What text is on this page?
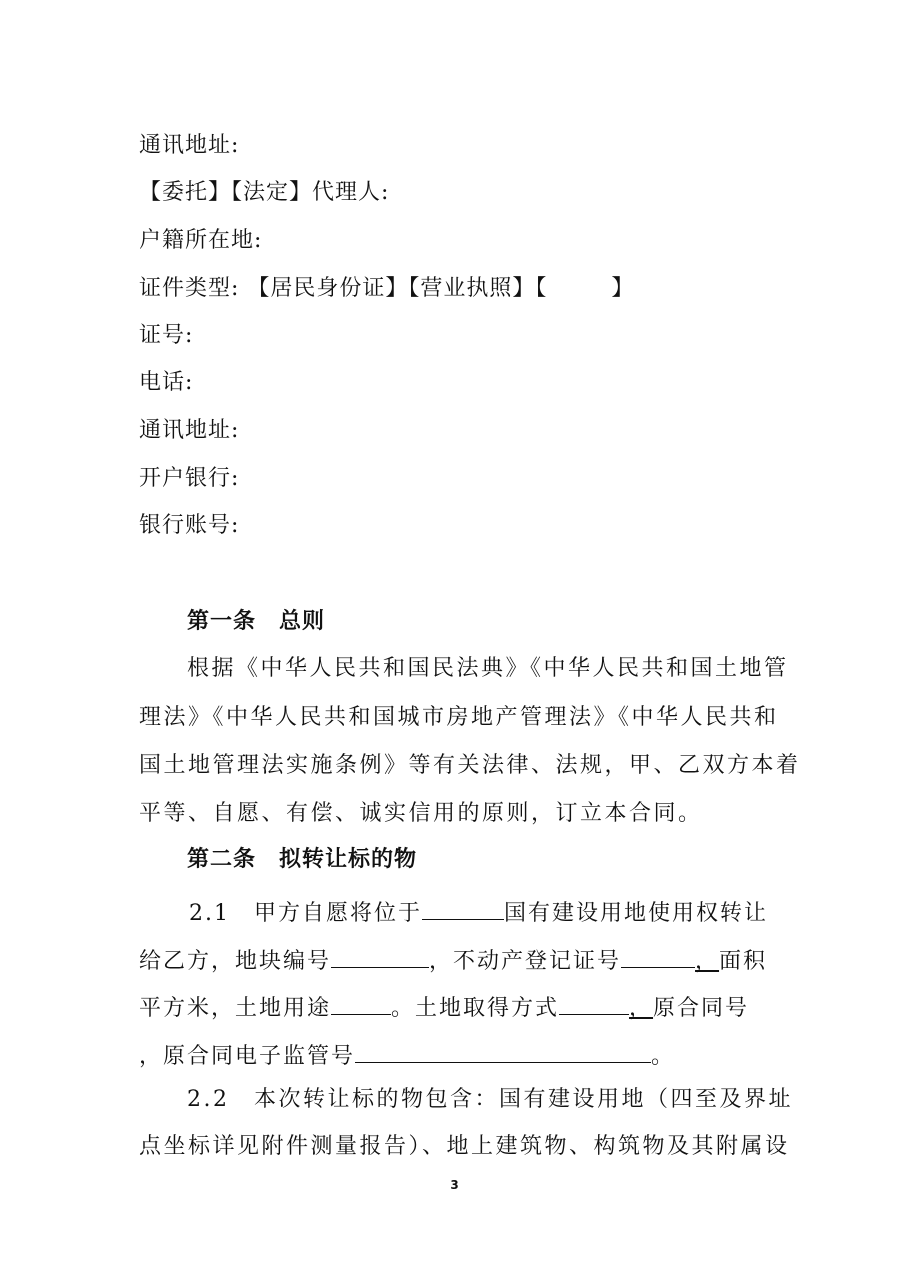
通讯地址:
【委托】【法定】代理人:
户籍所在地:
证件类型: 【居民身份证】【营业执照】【	】
证号:
电话:
通讯地址:
开户银行:
银行账号:
第一条　总则
根据《中华人民共和国民法典》《中华人民共和国土地管
理法》《中华人民共和国城市房地产管理法》《中华人民共和
国土地管理法实施条例》等有关法律、法规，甲、乙双方本着
平等、自愿、有偿、诚实信用的原则，订立本合同。
第二条　拟转让标的物
2.1　甲方自愿将位于	国有建设用地使用权转让
给乙方，地块编号	，不动产登记证号	，面积
平方米，土地用途	。土地取得方式	，原合同号
，原合同电子监管号	。
2.2　本次转让标的物包含：国有建设用地（四至及界址
点坐标详见附件测量报告）、地上建筑物、构筑物及其附属设
3
